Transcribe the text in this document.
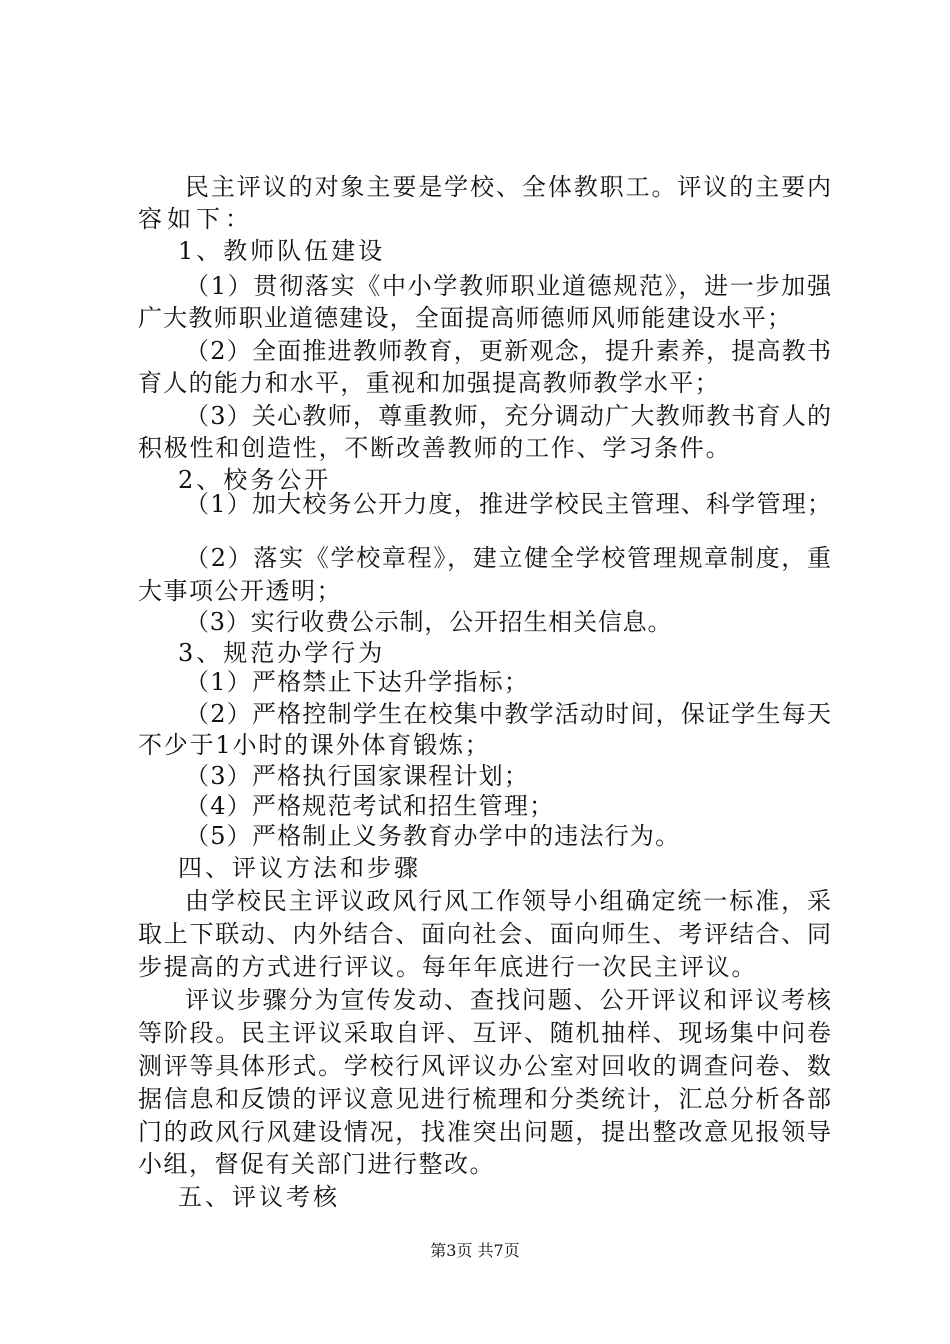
民主评议的对象主要是学校、全体教职工。评议的主要内
容如下：
1、教师队伍建设
（1）贯彻落实《中小学教师职业道德规范》，进一步加强
广大教师职业道德建设，全面提高师德师风师能建设水平；
（2）全面推进教师教育，更新观念，提升素养，提高教书
育人的能力和水平，重视和加强提高教师教学水平；
（3）关心教师，尊重教师，充分调动广大教师教书育人的
积极性和创造性，不断改善教师的工作、学习条件。
2、校务公开
（1）加大校务公开力度，推进学校民主管理、科学管理；
（2）落实《学校章程》，建立健全学校管理规章制度，重
大事项公开透明；
（3）实行收费公示制，公开招生相关信息。
3、规范办学行为
（1）严格禁止下达升学指标；
（2）严格控制学生在校集中教学活动时间，保证学生每天
不少于1小时的课外体育锻炼；
（3）严格执行国家课程计划；
（4）严格规范考试和招生管理；
（5）严格制止义务教育办学中的违法行为。
四、评议方法和步骤
由学校民主评议政风行风工作领导小组确定统一标准，采
取上下联动、内外结合、面向社会、面向师生、考评结合、同
步提高的方式进行评议。每年年底进行一次民主评议。
评议步骤分为宣传发动、查找问题、公开评议和评议考核
等阶段。民主评议采取自评、互评、随机抽样、现场集中问卷
测评等具体形式。学校行风评议办公室对回收的调查问卷、数
据信息和反馈的评议意见进行梳理和分类统计，汇总分析各部
门的政风行风建设情况，找准突出问题，提出整改意见报领导
小组，督促有关部门进行整改。
五、评议考核
第3页 共7页
